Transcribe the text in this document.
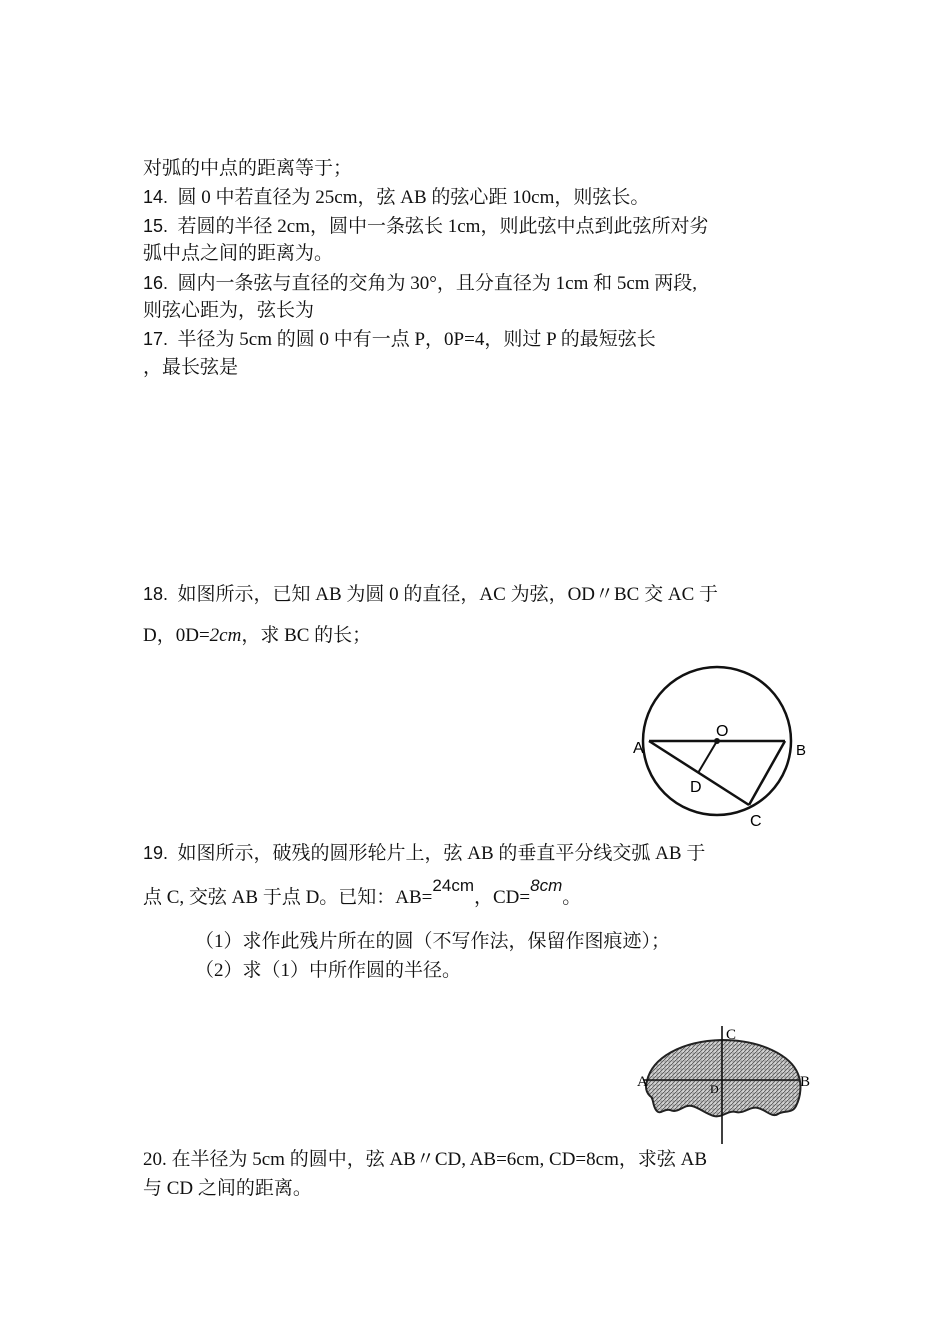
对弧的中点的距离等于；
14. 圆 0 中若直径为 25cm，弦 AB 的弦心距 10cm，则弦长。
15. 若圆的半径 2cm，圆中一条弦长 1cm，则此弦中点到此弦所对劣
弧中点之间的距离为。
16. 圆内一条弦与直径的交角为 30°，且分直径为 1cm 和 5cm 两段,
则弦心距为，弦长为
17. 半径为 5cm 的圆 0 中有一点 P，0P=4，则过 P 的最短弦长
，最长弦是
18. 如图所示，已知 AB 为圆 0 的直径，AC 为弦，OD〃BC 交 AC 于
D，0D=2cm，求 BC 的长；
A	B
O
D
C
19. 如图所示，破残的圆形轮片上，弦 AB 的垂直平分线交弧 AB 于
点 C, 交弦 AB 于点 D。已知：AB=24cm，CD=8cm。
（1）求作此残片所在的圆（不写作法，保留作图痕迹）；
（2）求（1）中所作圆的半径。
A	B
C
D
20. 在半径为 5cm 的圆中，弦 AB〃CD, AB=6cm, CD=8cm，求弦 AB
与 CD 之间的距离。
